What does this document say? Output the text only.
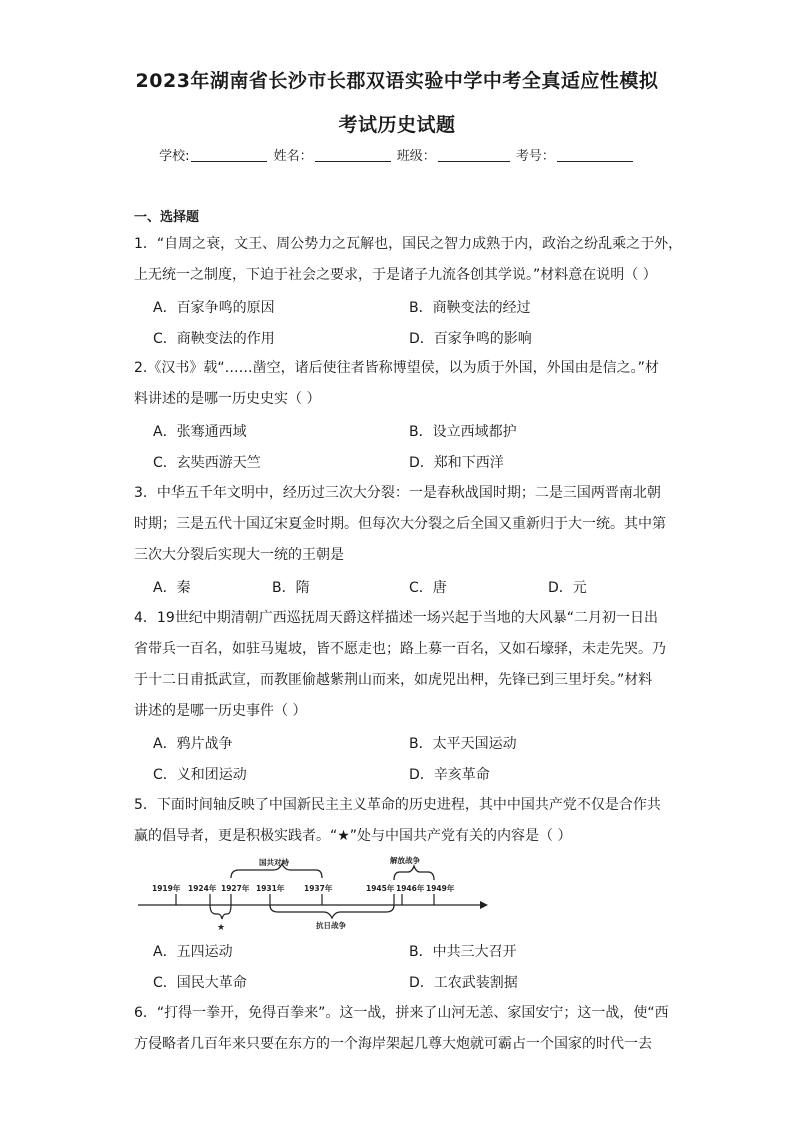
2023年湖南省长沙市长郡双语实验中学中考全真适应性模拟
考试历史试题
学校:	姓名：	班级：	考号：
一、选择题
1．“自周之衰，文王、周公势力之瓦解也，国民之智力成熟于内，政治之纷乱乘之于外，
上无统一之制度，下迫于社会之要求，于是诸子九流各创其学说。”材料意在说明（ ）
A．百家争鸣的原因	B．商鞅变法的经过
C．商鞅变法的作用	D．百家争鸣的影响
2.《汉书》载“……凿空，诸后使往者皆称博望侯，以为质于外国，外国由是信之。”材
料讲述的是哪一历史史实（ ）
A．张骞通西域	B．设立西域都护
C．玄奘西游天竺	D．郑和下西洋
3．中华五千年文明中，经历过三次大分裂：一是春秋战国时期；二是三国两晋南北朝
时期；三是五代十国辽宋夏金时期。但每次大分裂之后全国又重新归于大一统。其中第
三次大分裂后实现大一统的王朝是
A．秦	B．隋	C．唐	D．元
4．19世纪中期清朝广西巡抚周天爵这样描述一场兴起于当地的大风暴“二月初一日出
省带兵一百名，如驻马嵬坡，皆不愿走也；路上募一百名，又如石壕驿，未走先哭。乃
于十二日甫抵武宣，而教匪偷越紫荆山而来，如虎兕出柙，先锋已到三里圩矣。”材料
讲述的是哪一历史事件（ ）
A．鸦片战争	B．太平天国运动
C．义和团运动	D．辛亥革命
5．下面时间轴反映了中国新民主主义革命的历史进程，其中中国共产党不仅是合作共
赢的倡导者，更是积极实践者。“★”处与中国共产党有关的内容是（ ）
国共对峙	解放战争
1919年 1924年 1927年 1931年	1937年	1945年 1946年 1949年
★	抗日战争
A．五四运动	B．中共三大召开
C．国民大革命	D．工农武装割据
6．“打得一拳开，免得百拳来”。这一战，拼来了山河无恙、家国安宁；这一战，使“西
方侵略者几百年来只要在东方的一个海岸架起几尊大炮就可霸占一个国家的时代一去
